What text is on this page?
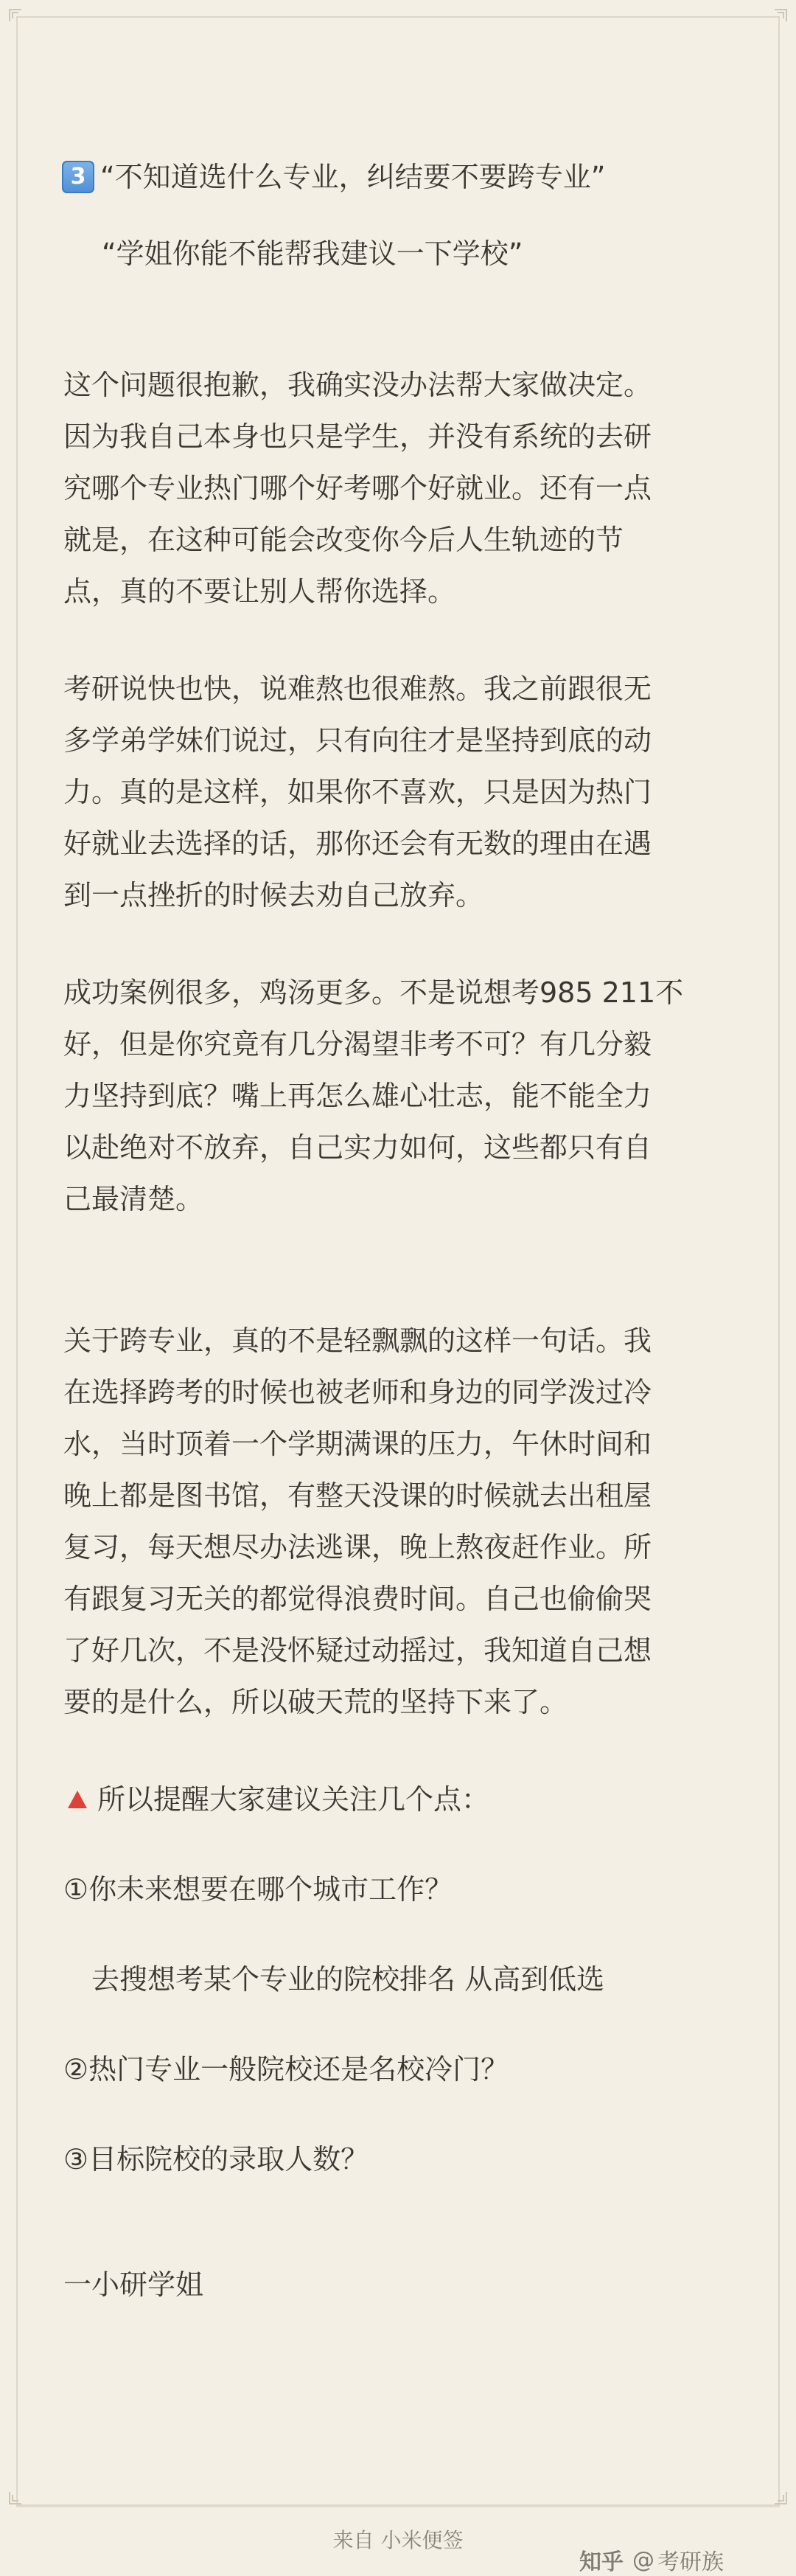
3 “不知道选什么专业，纠结要不要跨专业”

“学姐你能不能帮我建议一下学校”

这个问题很抱歉，我确实没办法帮大家做决定。

因为我自己本身也只是学生，并没有系统的去研

究哪个专业热门哪个好考哪个好就业。还有一点

就是，在这种可能会改变你今后人生轨迹的节

点，真的不要让别人帮你选择。

考研说快也快，说难熬也很难熬。我之前跟很无

多学弟学妹们说过，只有向往才是坚持到底的动

力。真的是这样，如果你不喜欢，只是因为热门

好就业去选择的话，那你还会有无数的理由在遇

到一点挫折的时候去劝自己放弃。

成功案例很多，鸡汤更多。不是说想考985 211不

好，但是你究竟有几分渴望非考不可？有几分毅

力坚持到底？嘴上再怎么雄心壮志，能不能全力

以赴绝对不放弃，自己实力如何，这些都只有自

己最清楚。

关于跨专业，真的不是轻飘飘的这样一句话。我

在选择跨考的时候也被老师和身边的同学泼过冷

水，当时顶着一个学期满课的压力，午休时间和

晚上都是图书馆，有整天没课的时候就去出租屋

复习，每天想尽办法逃课，晚上熬夜赶作业。所

有跟复习无关的都觉得浪费时间。自己也偷偷哭

了好几次，不是没怀疑过动摇过，我知道自己想

要的是什么，所以破天荒的坚持下来了。

所以提醒大家建议关注几个点：

①你未来想要在哪个城市工作？

去搜想考某个专业的院校排名 从高到低选

②热门专业一般院校还是名校冷门？

③目标院校的录取人数？

一小研学姐

来自 小米便签
知乎 @ 考研族
